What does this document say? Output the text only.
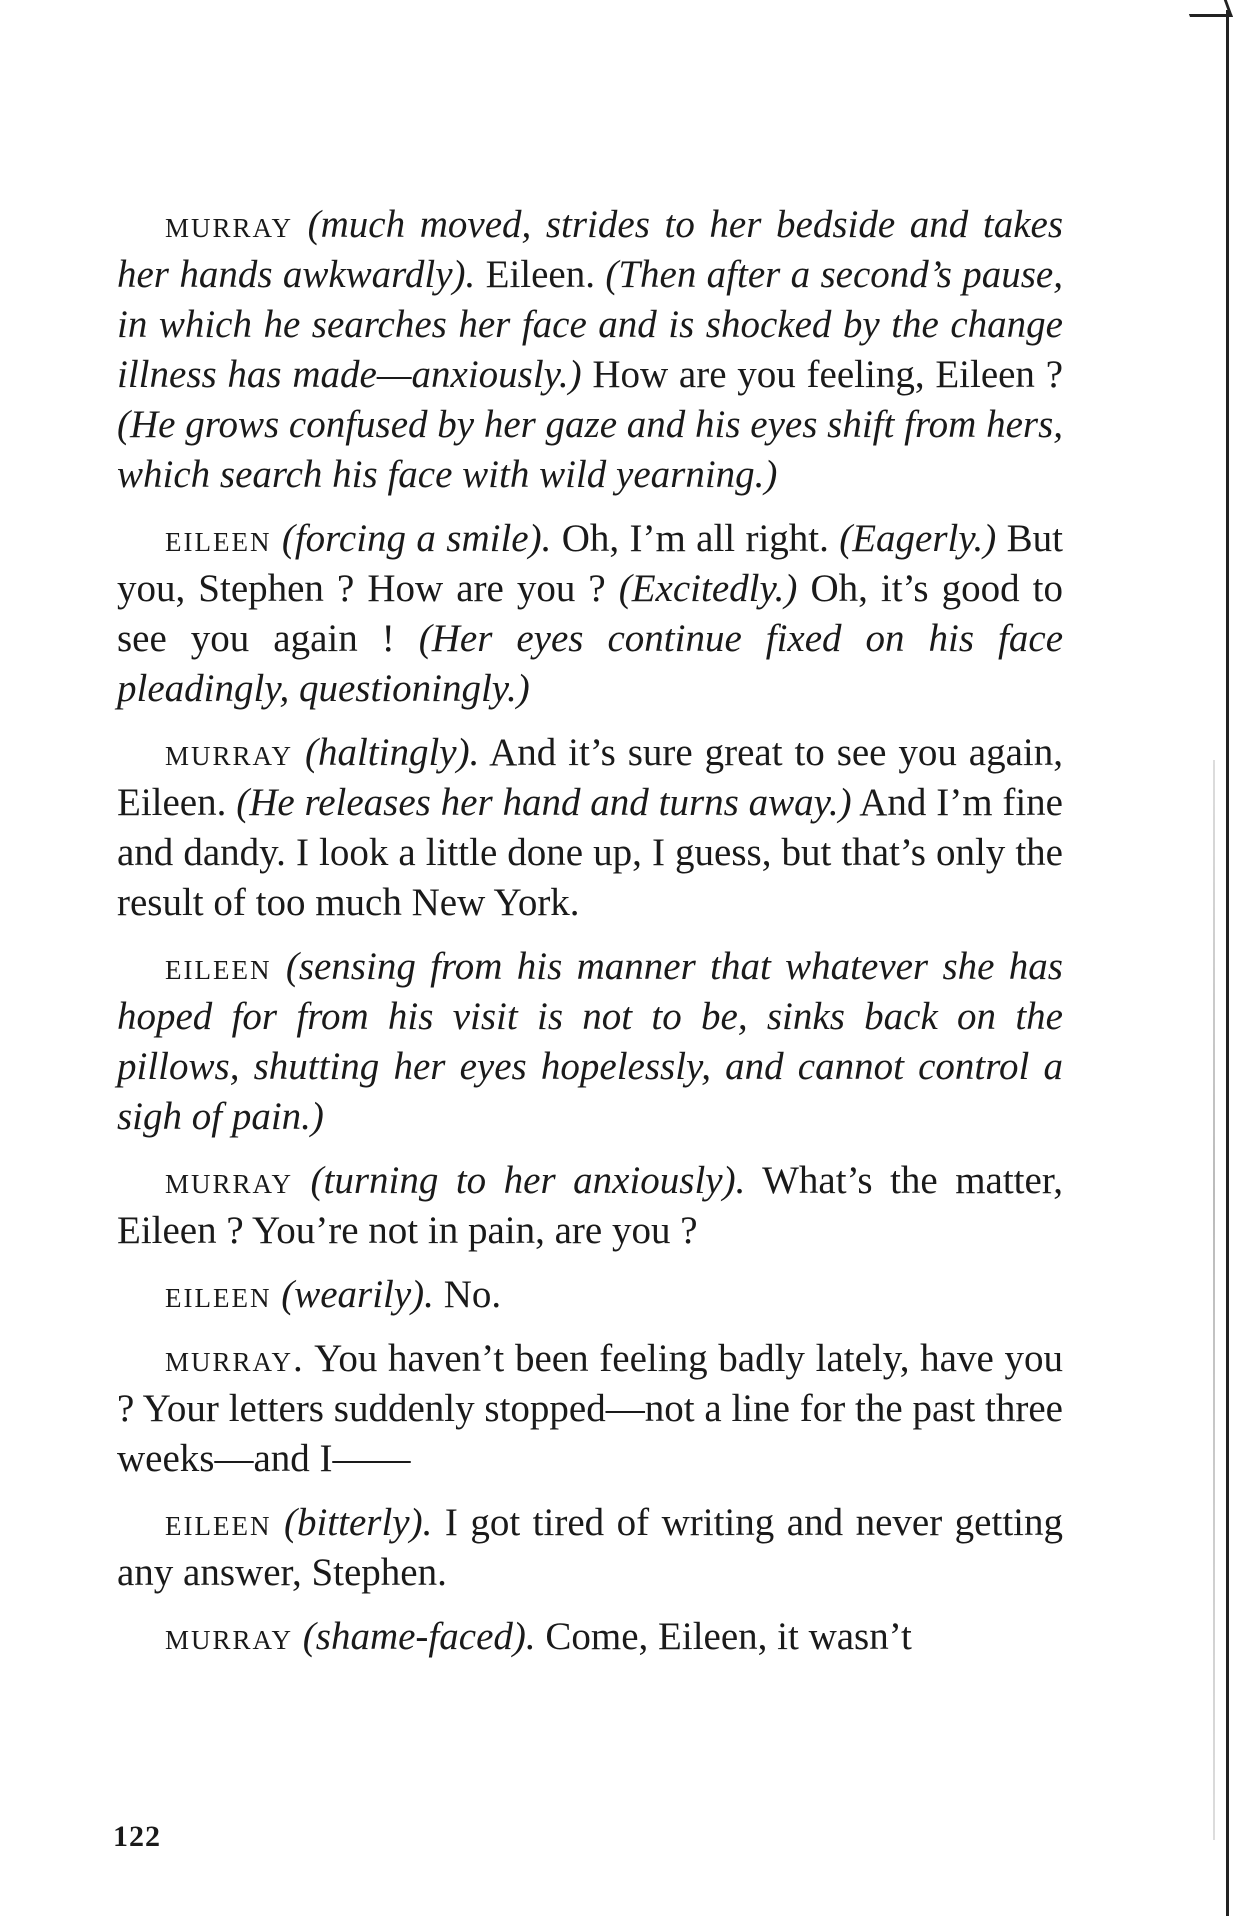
murray (much moved, strides to her bedside and takes her hands awkwardly). Eileen. (Then after a second’s pause, in which he searches her face and is shocked by the change illness has made—anxiously.) How are you feeling, Eileen ? (He grows confused by her gaze and his eyes shift from hers, which search his face with wild yearning.)

eileen (forcing a smile). Oh, I’m all right. (Eagerly.) But you, Stephen ? How are you ? (Excitedly.) Oh, it’s good to see you again ! (Her eyes continue fixed on his face pleadingly, questioningly.)

murray (haltingly). And it’s sure great to see you again, Eileen. (He releases her hand and turns away.) And I’m fine and dandy. I look a little done up, I guess, but that’s only the result of too much New York.

eileen (sensing from his manner that whatever she has hoped for from his visit is not to be, sinks back on the pillows, shutting her eyes hopelessly, and cannot control a sigh of pain.)

murray (turning to her anxiously). What’s the matter, Eileen ? You’re not in pain, are you ?

eileen (wearily). No.

murray. You haven’t been feeling badly lately, have you ? Your letters suddenly stopped—not a line for the past three weeks—and I——

eileen (bitterly). I got tired of writing and never getting any answer, Stephen.

murray (shame-faced). Come, Eileen, it wasn’t

122
